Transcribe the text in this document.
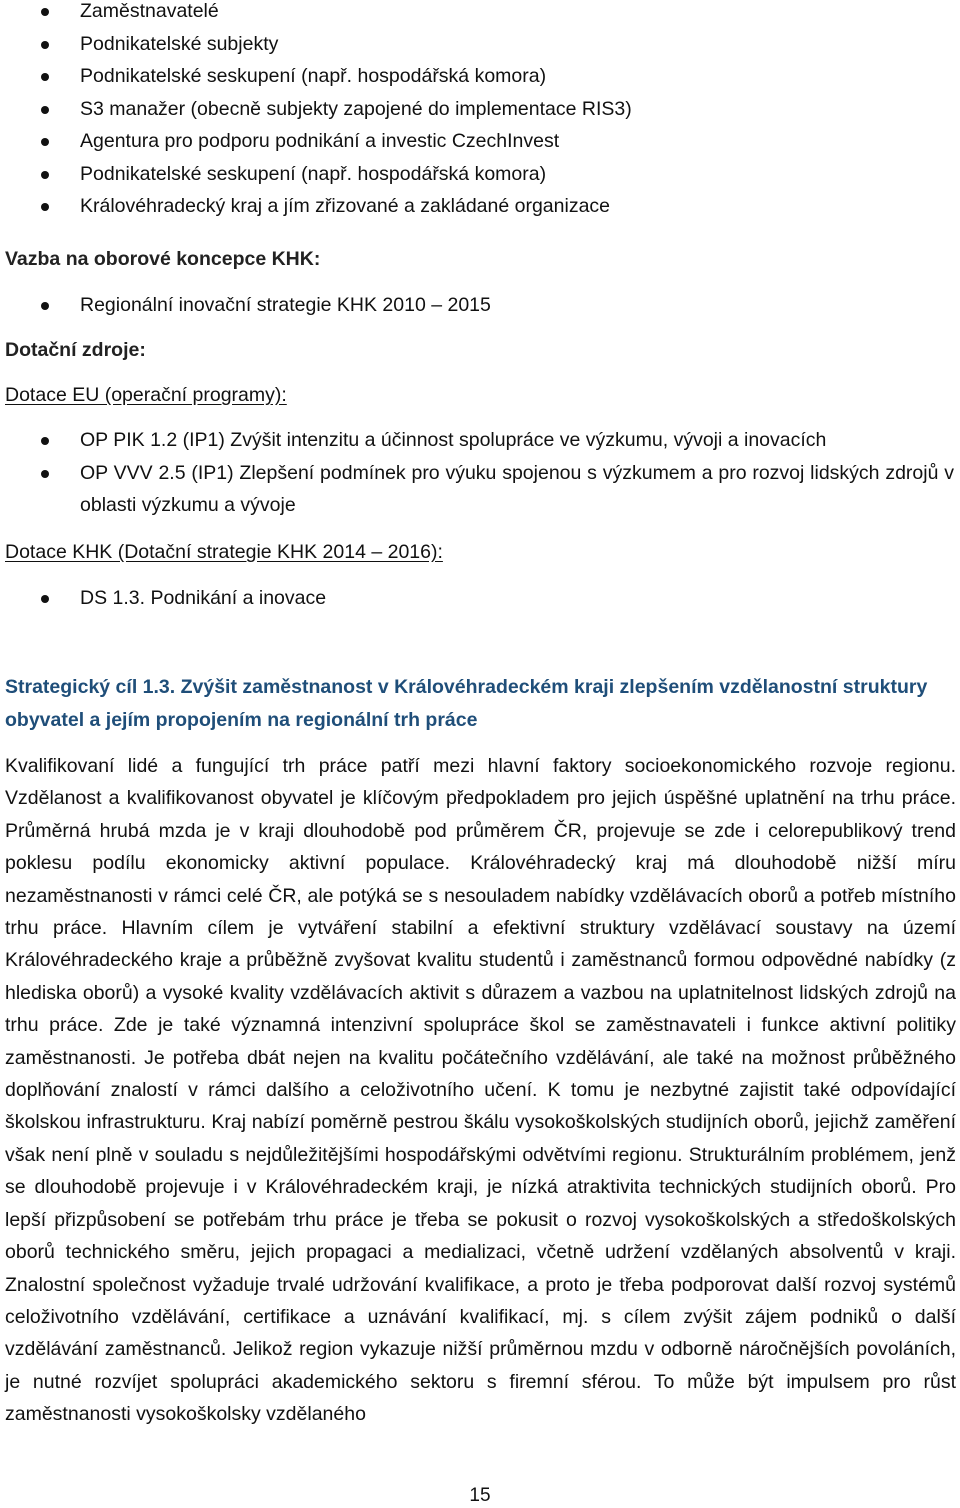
Zaměstnavatelé
Podnikatelské subjekty
Podnikatelské seskupení (např. hospodářská komora)
S3 manažer (obecně subjekty zapojené do implementace RIS3)
Agentura pro podporu podnikání a investic CzechInvest
Podnikatelské seskupení (např. hospodářská komora)
Královéhradecký kraj a jím zřizované a zakládané organizace
Vazba na oborové koncepce KHK:
Regionální inovační strategie KHK 2010 – 2015
Dotační zdroje:
Dotace EU (operační programy):
OP PIK 1.2 (IP1) Zvýšit intenzitu a účinnost spolupráce ve výzkumu, vývoji a inovacích
OP VVV 2.5 (IP1) Zlepšení podmínek pro výuku spojenou s výzkumem a pro rozvoj lidských zdrojů v oblasti výzkumu a vývoje
Dotace KHK (Dotační strategie KHK 2014 – 2016):
DS 1.3. Podnikání a inovace
Strategický cíl 1.3. Zvýšit zaměstnanost v Královéhradeckém kraji zlepšením vzdělanostní struktury obyvatel a jejím propojením na regionální trh práce
Kvalifikovaní lidé a fungující trh práce patří mezi hlavní faktory socioekonomického rozvoje regionu. Vzdělanost a kvalifikovanost obyvatel je klíčovým předpokladem pro jejich úspěšné uplatnění na trhu práce. Průměrná hrubá mzda je v kraji dlouhodobě pod průměrem ČR, projevuje se zde i celorepublikový trend poklesu podílu ekonomicky aktivní populace. Královéhradecký kraj má dlouhodobě nižší míru nezaměstnanosti v rámci celé ČR, ale potýká se s nesouladem nabídky vzdělávacích oborů a potřeb místního trhu práce. Hlavním cílem je vytváření stabilní a efektivní struktury vzdělávací soustavy na území Královéhradeckého kraje a průběžně zvyšovat kvalitu studentů i zaměstnanců formou odpovědné nabídky (z hlediska oborů) a vysoké kvality vzdělávacích aktivit s důrazem a vazbou na uplatnitelnost lidských zdrojů na trhu práce. Zde je také významná intenzivní spolupráce škol se zaměstnavateli i funkce aktivní politiky zaměstnanosti. Je potřeba dbát nejen na kvalitu počátečního vzdělávání, ale také na možnost průběžného doplňování znalostí v rámci dalšího a celoživotního učení. K tomu je nezbytné zajistit také odpovídající školskou infrastrukturu. Kraj nabízí poměrně pestrou škálu vysokoškolských studijních oborů, jejichž zaměření však není plně v souladu s nejdůležitějšími hospodářskými odvětvími regionu. Strukturálním problémem, jenž se dlouhodobě projevuje i v Královéhradeckém kraji, je nízká atraktivita technických studijních oborů. Pro lepší přizpůsobení se potřebám trhu práce je třeba se pokusit o rozvoj vysokoškolských a středoškolských oborů technického směru, jejich propagaci a medializaci, včetně udržení vzdělaných absolventů v kraji. Znalostní společnost vyžaduje trvalé udržování kvalifikace, a proto je třeba podporovat další rozvoj systémů celoživotního vzdělávání, certifikace a uznávání kvalifikací, mj. s cílem zvýšit zájem podniků o další vzdělávání zaměstnanců. Jelikož region vykazuje nižší průměrnou mzdu v odborně náročnějších povoláních, je nutné rozvíjet spolupráci akademického sektoru s firemní sférou. To může být impulsem pro růst zaměstnanosti vysokoškolsky vzdělaného
15
